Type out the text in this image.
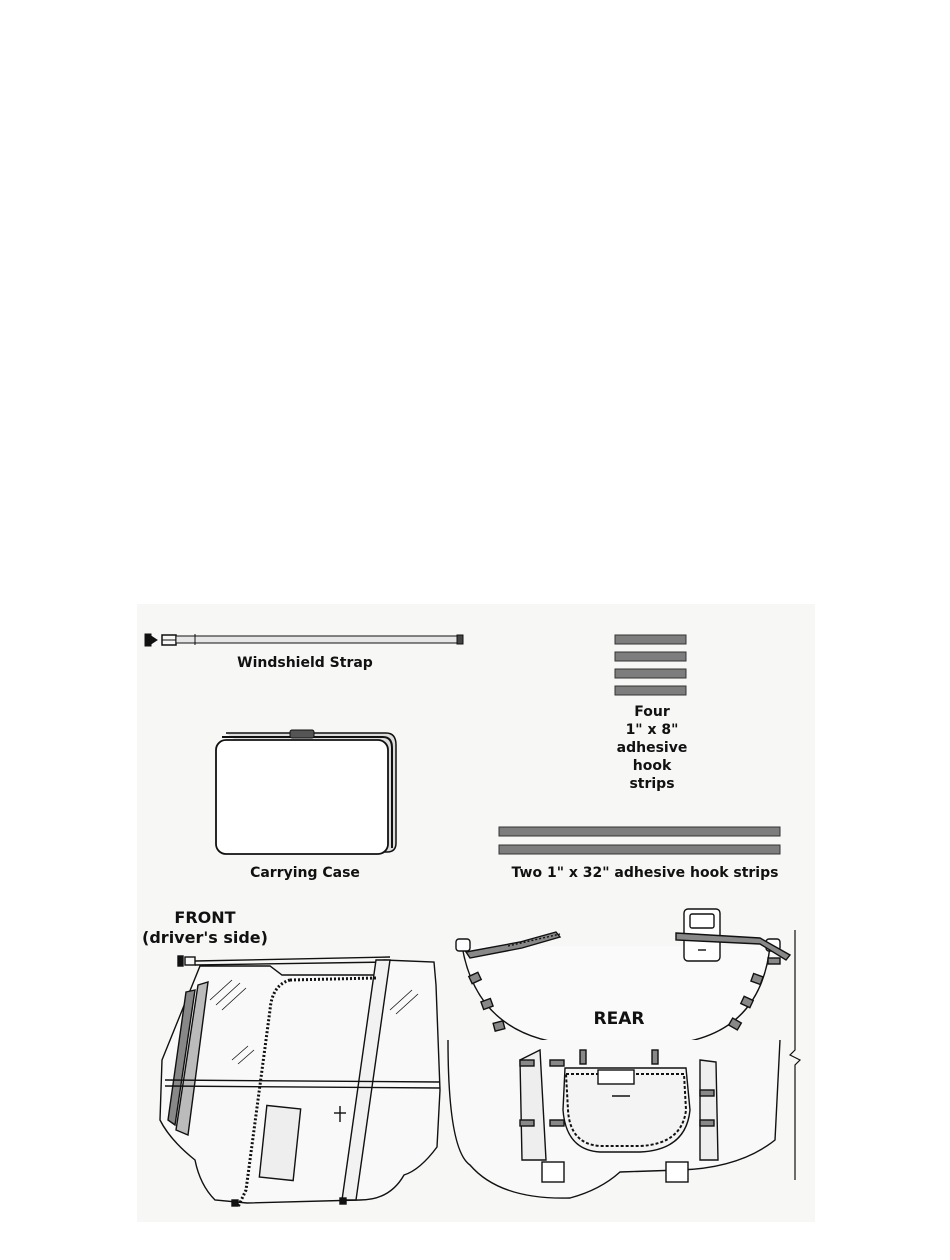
Windshield Strap
Carrying Case
Four
1" x 8"
adhesive
hook
strips
Two 1" x 32" adhesive hook strips
FRONT
(driver's side)
REAR
